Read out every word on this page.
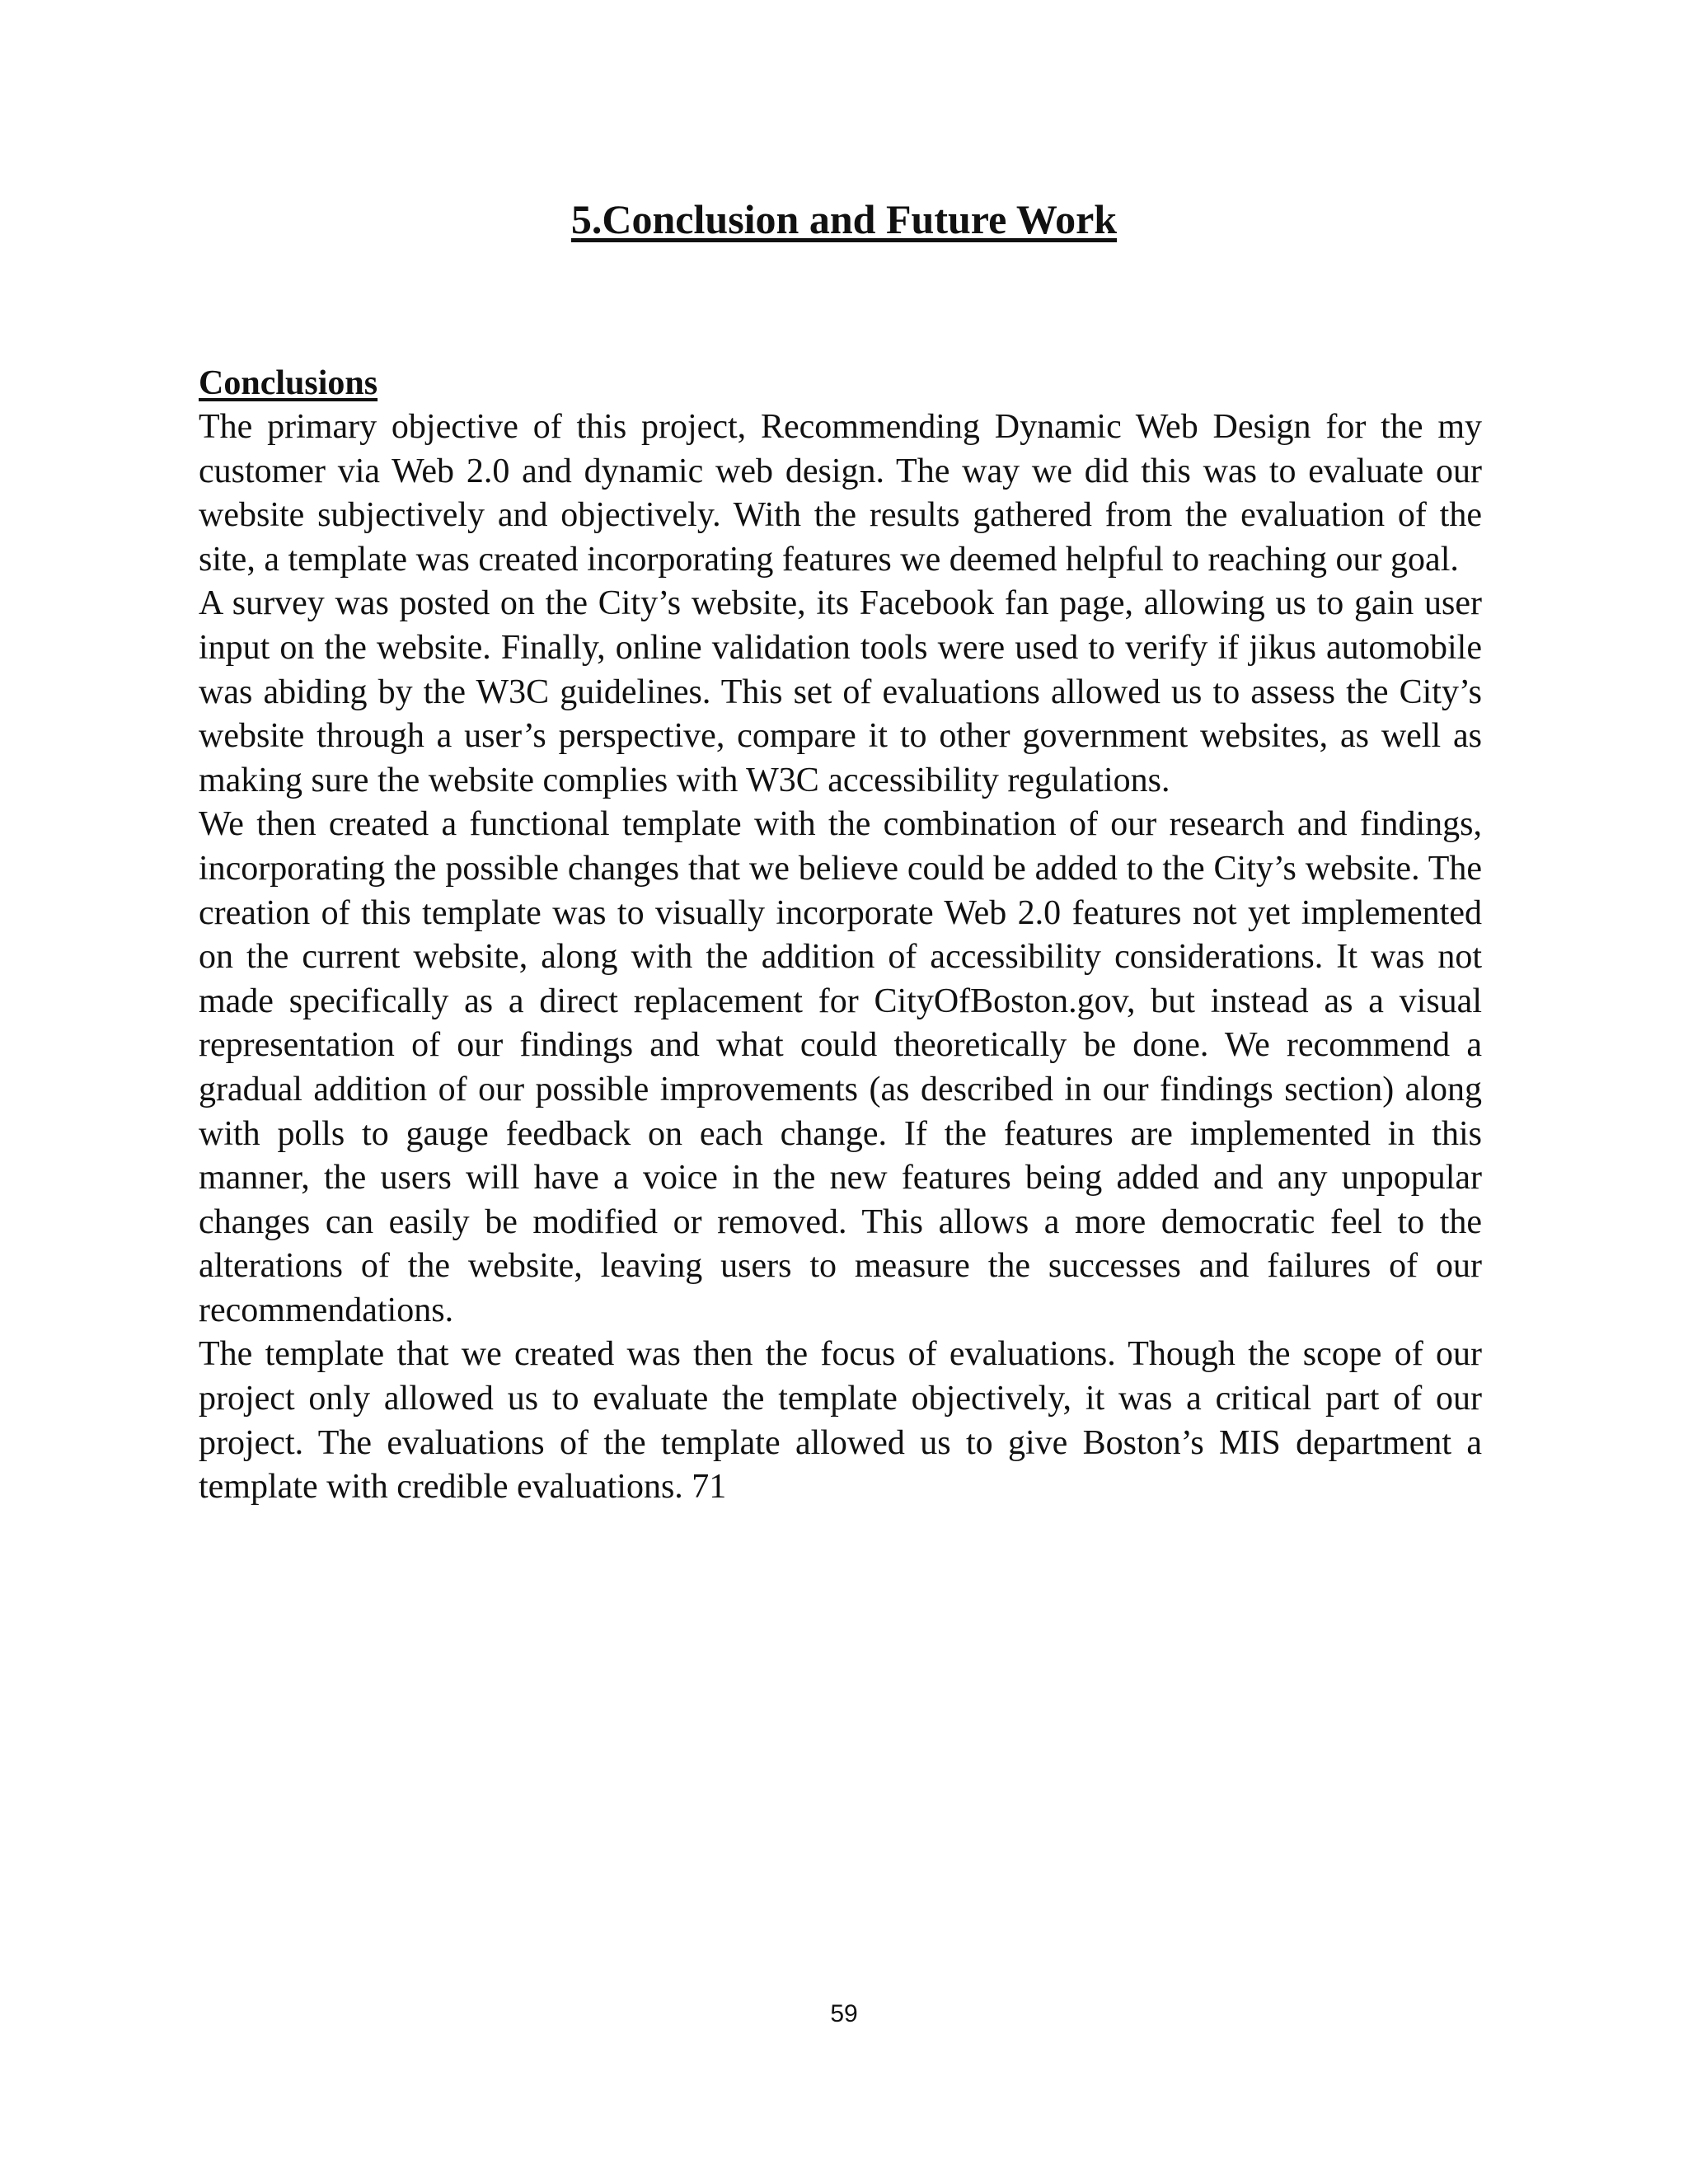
5.Conclusion and Future Work
Conclusions

The primary objective of this project, Recommending Dynamic Web Design for the my customer via Web 2.0 and dynamic web design. The way we did this was to evaluate our website subjectively and objectively. With the results gathered from the evaluation of the site, a template was created incorporating features we deemed helpful to reaching our goal.

A survey was posted on the City’s website, its Facebook fan page, allowing us to gain user input on the website. Finally, online validation tools were used to verify if jikus automobile was abiding by the W3C guidelines. This set of evaluations allowed us to assess the City’s website through a user’s perspective, compare it to other government websites, as well as making sure the website complies with W3C accessibility regulations.

We then created a functional template with the combination of our research and findings, incorporating the possible changes that we believe could be added to the City’s website. The creation of this template was to visually incorporate Web 2.0 features not yet implemented on the current website, along with the addition of accessibility considerations. It was not made specifically as a direct replacement for CityOfBoston.gov, but instead as a visual representation of our findings and what could theoretically be done. We recommend a gradual addition of our possible improvements (as described in our findings section) along with polls to gauge feedback on each change. If the features are implemented in this manner, the users will have a voice in the new features being added and any unpopular changes can easily be modified or removed. This allows a more democratic feel to the alterations of the website, leaving users to measure the successes and failures of our recommendations.

The template that we created was then the focus of evaluations. Though the scope of our project only allowed us to evaluate the template objectively, it was a critical part of our project. The evaluations of the template allowed us to give Boston’s MIS department a template with credible evaluations. 71

59
